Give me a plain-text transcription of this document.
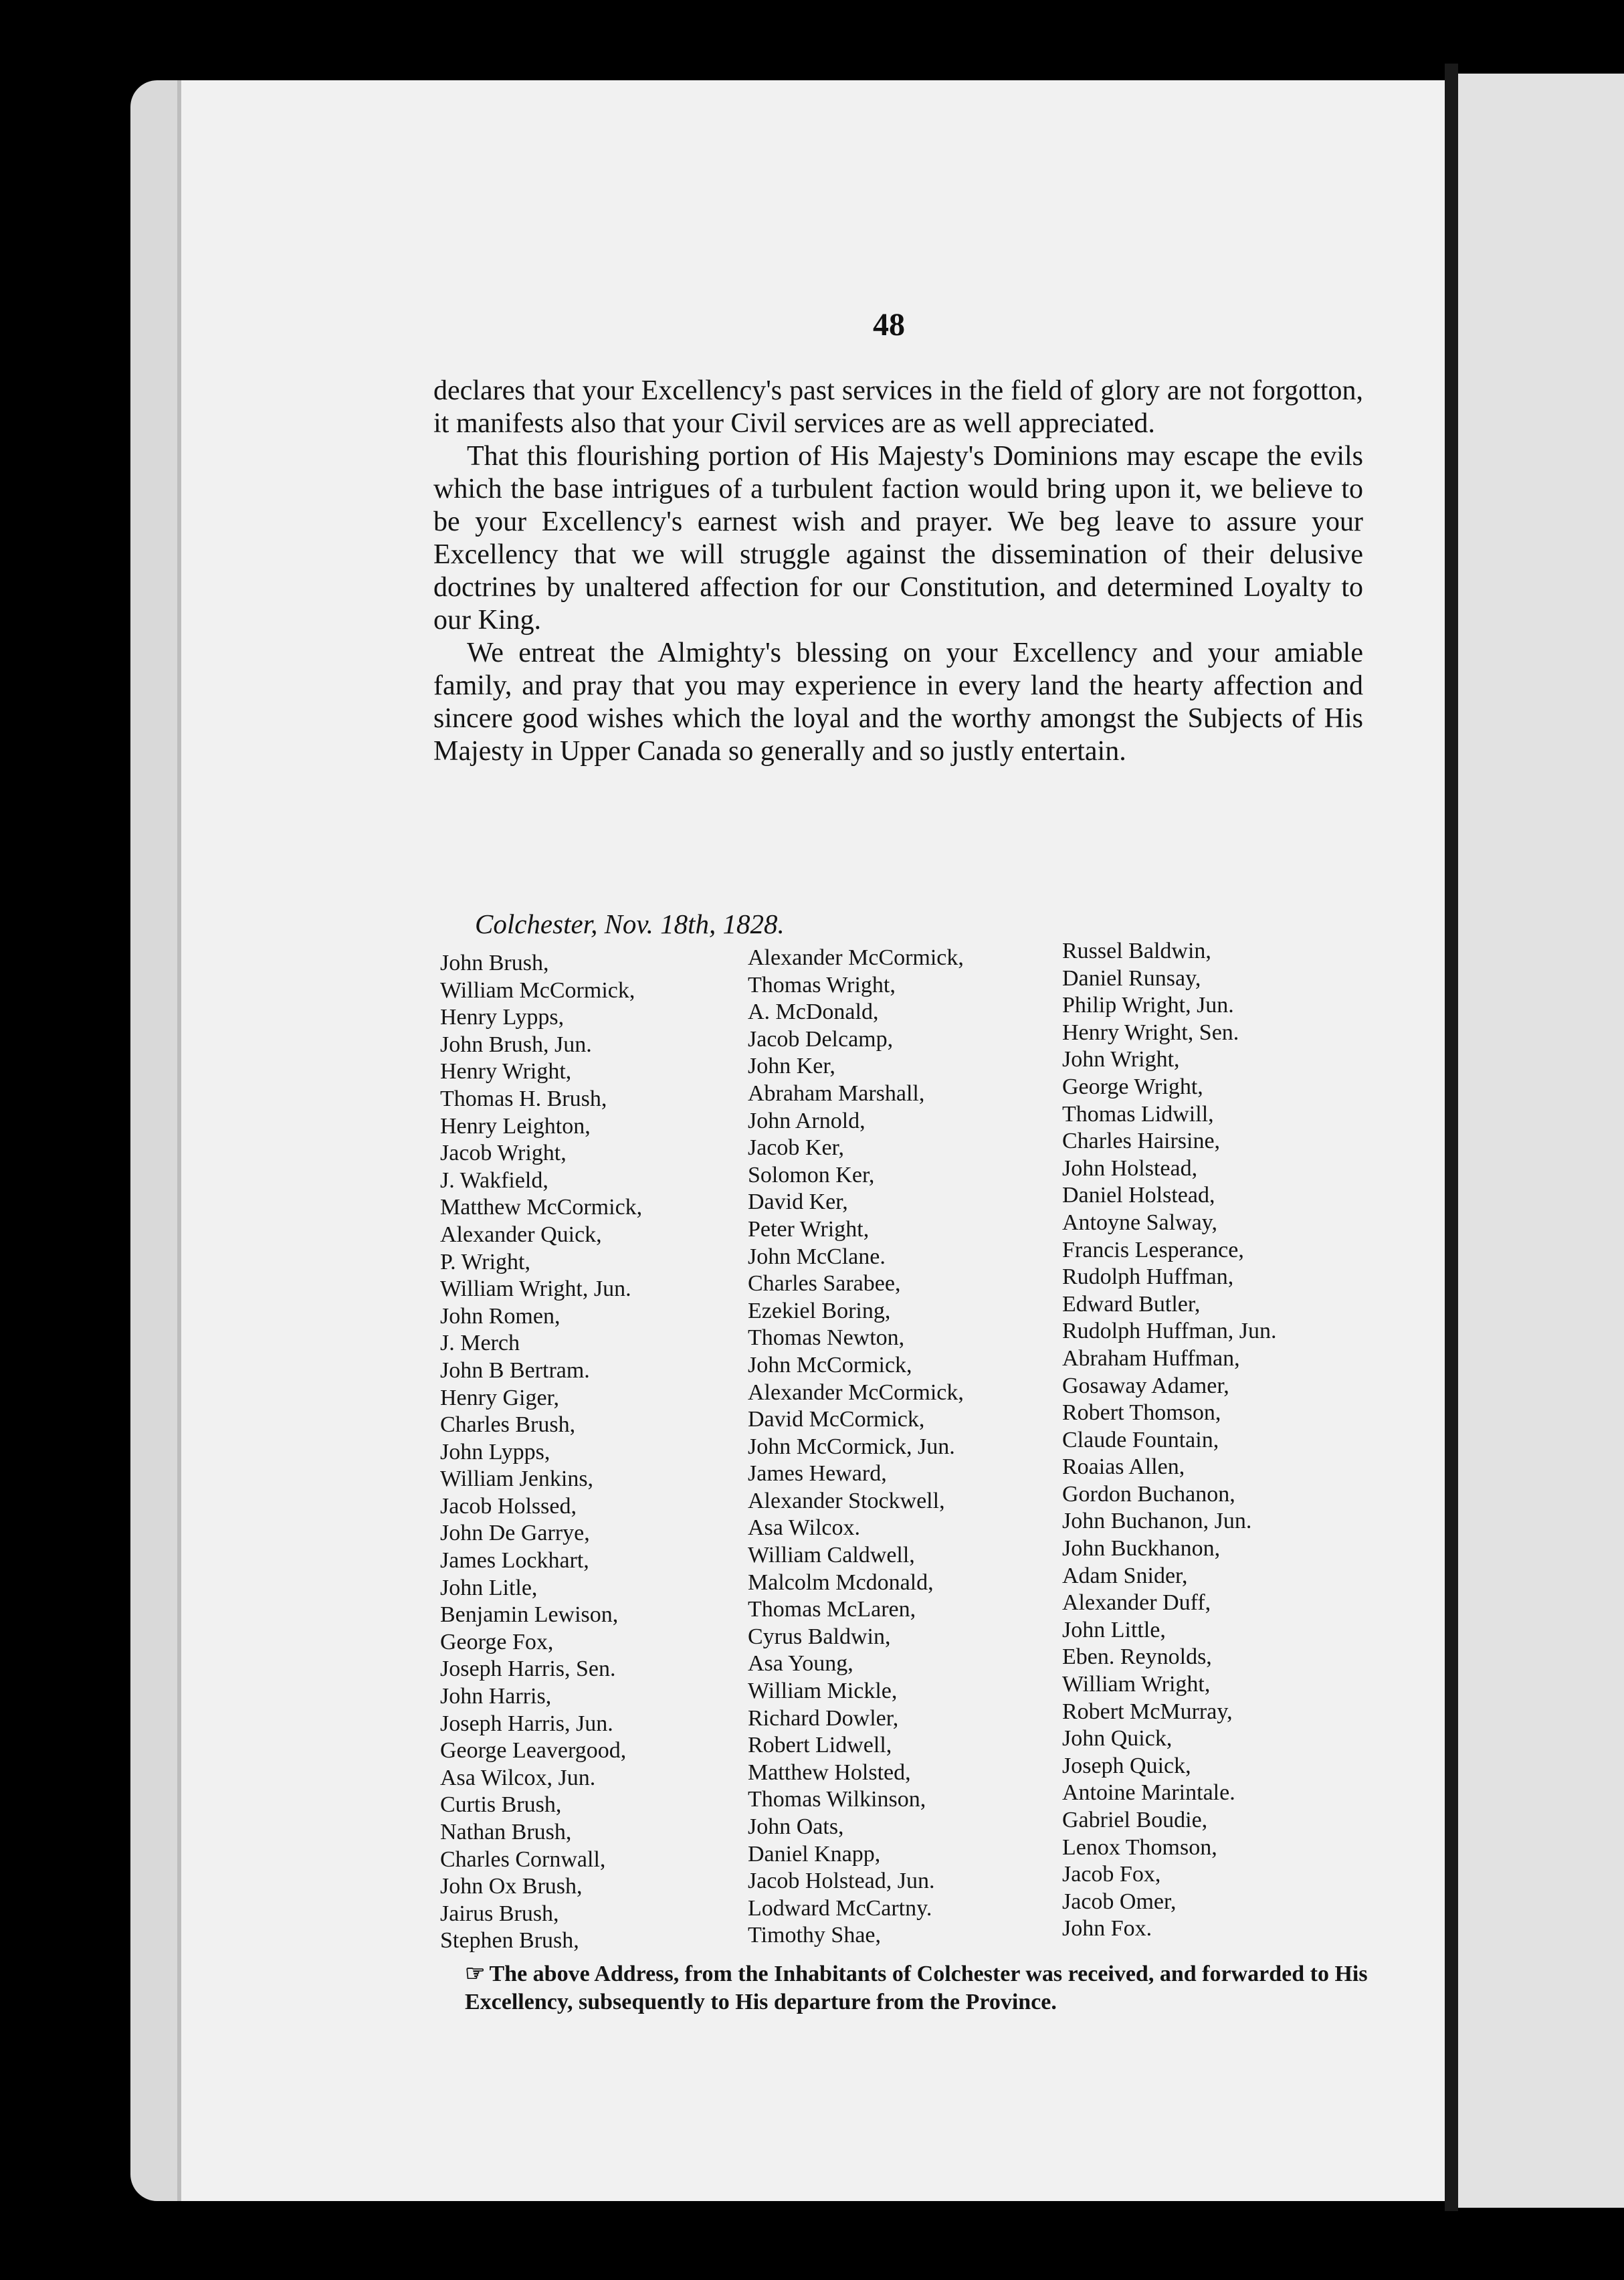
48

declares that your Excellency's past services in the field of glory are not forgotton, it manifests also that your Civil services are as well appreciated.

That this flourishing portion of His Majesty's Dominions may escape the evils which the base intrigues of a turbulent faction would bring upon it, we believe to be your Excellency's earnest wish and prayer. We beg leave to assure your Excellency that we will struggle against the dissemination of their delusive doctrines by unaltered affection for our Constitution, and determined Loyalty to our King.

We entreat the Almighty's blessing on your Excellency and your amiable family, and pray that you may experience in every land the hearty affection and sincere good wishes which the loyal and the worthy amongst the Subjects of His Majesty in Upper Canada so generally and so justly entertain.

Colchester, Nov. 18th, 1828.
John Brush,
William McCormick,
Henry Lypps,
John Brush, Jun.
Henry Wright,
Thomas H. Brush,
Henry Leighton,
Jacob Wright,
J. Wakfield,
Matthew McCormick,
Alexander Quick,
P. Wright,
William Wright, Jun.
John Romen,
J. Merch
John B Bertram.
Henry Giger,
Charles Brush,
John Lypps,
William Jenkins,
Jacob Holssed,
John De Garrye,
James Lockhart,
John Litle,
Benjamin Lewison,
George Fox,
Joseph Harris, Sen.
John Harris,
Joseph Harris, Jun.
George Leavergood,
Asa Wilcox, Jun.
Curtis Brush,
Nathan Brush,
Charles Cornwall,
John Ox Brush,
Jairus Brush,
Stephen Brush,
Alexander McCormick,
Thomas Wright,
A. McDonald,
Jacob Delcamp,
John Ker,
Abraham Marshall,
John Arnold,
Jacob Ker,
Solomon Ker,
David Ker,
Peter Wright,
John McClane.
Charles Sarabee,
Ezekiel Boring,
Thomas Newton,
John McCormick,
Alexander McCormick,
David McCormick,
John McCormick, Jun.
James Heward,
Alexander Stockwell,
Asa Wilcox.
William Caldwell,
Malcolm Mcdonald,
Thomas McLaren,
Cyrus Baldwin,
Asa Young,
William Mickle,
Richard Dowler,
Robert Lidwell,
Matthew Holsted,
Thomas Wilkinson,
John Oats,
Daniel Knapp,
Jacob Holstead, Jun.
Lodward McCartny.
Timothy Shae,
Russel Baldwin,
Daniel Runsay,
Philip Wright, Jun.
Henry Wright, Sen.
John Wright,
George Wright,
Thomas Lidwill,
Charles Hairsine,
John Holstead,
Daniel Holstead,
Antoyne Salway,
Francis Lesperance,
Rudolph Huffman,
Edward Butler,
Rudolph Huffman, Jun.
Abraham Huffman,
Gosaway Adamer,
Robert Thomson,
Claude Fountain,
Roaias Allen,
Gordon Buchanon,
John Buchanon, Jun.
John Buckhanon,
Adam Snider,
Alexander Duff,
John Little,
Eben. Reynolds,
William Wright,
Robert McMurray,
John Quick,
Joseph Quick,
Antoine Marintale.
Gabriel Boudie,
Lenox Thomson,
Jacob Fox,
Jacob Omer,
John Fox.
☞ The above Address, from the Inhabitants of Colchester was received, and forwarded to His Excellency, subsequently to His departure from the Province.
